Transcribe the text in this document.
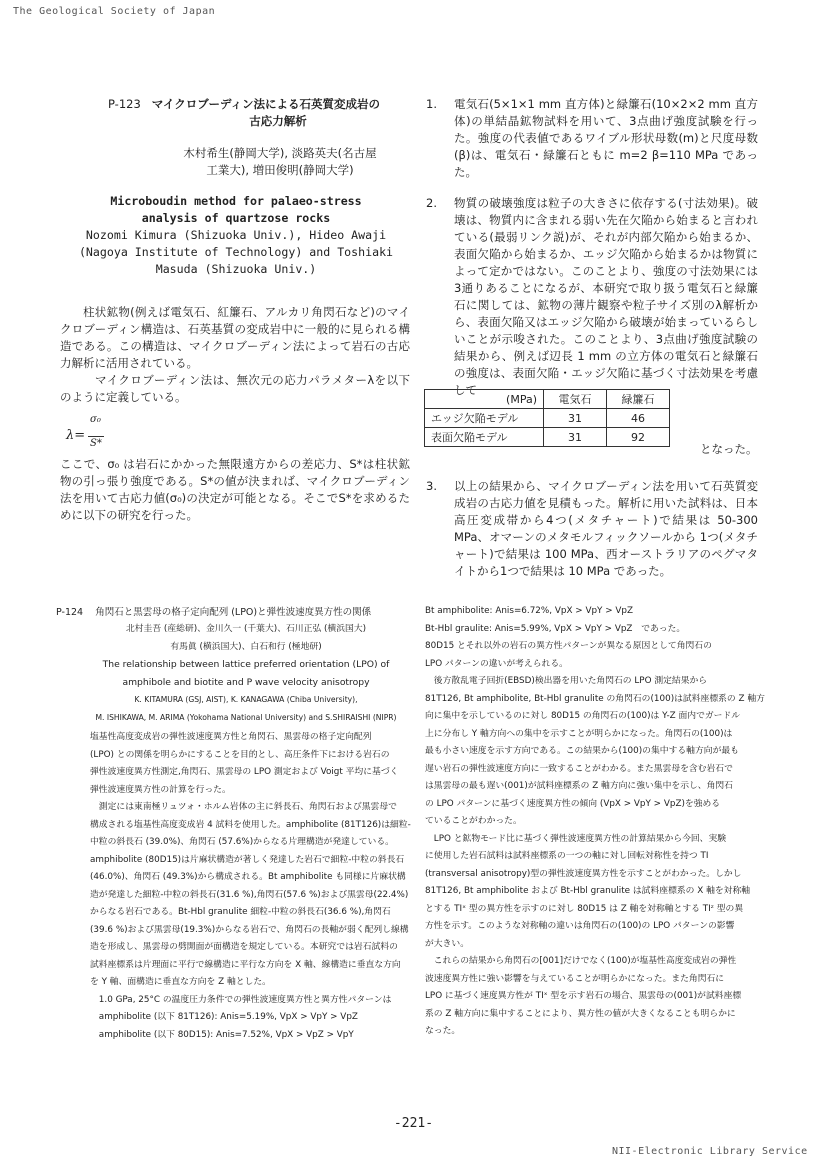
The Geological Society of Japan
-221-
NII-Electronic Library Service
P-123 マイクロブーディン法による石英質変成岩の
古応力解析
木村希生(静岡大学), 淡路英夫(名古屋
工業大), 増田俊明(静岡大学)
Microboudin method for palaeo-stress
analysis of quartzose rocks
Nozomi Kimura (Shizuoka Univ.), Hideo Awaji
(Nagoya Institute of Technology) and Toshiaki
Masuda (Shizuoka Univ.)

柱状鉱物(例えば電気石、紅簾石、アルカリ角閃石など)のマイクロブーディン構造は、石英基質の変成岩中に一般的に見られる構造である。この構造は、マイクロブーディン法によって岩石の古応力解析に活用されている。

マイクロブーディン法は、無次元の応力パラメターλを以下のように定義している。

λ=
σ₀
S*

ここで、σ₀ は岩石にかかった無限遠方からの差応力、S*は柱状鉱物の引っ張り強度である。S*の値が決まれば、マイクロブーディン法を用いて古応力値(σ₀)の決定が可能となる。そこでS*を求めるために以下の研究を行った。

1. 電気石(5×1×1 mm 直方体)と緑簾石(10×2×2 mm 直方体)の単結晶鉱物試料を用いて、3点曲げ強度試験を行った。強度の代表値であるワイブル形状母数(m)と尺度母数(β)は、電気石・緑簾石ともに m=2 β=110 MPa であった。

2. 物質の破壊強度は粒子の大きさに依存する(寸法効果)。破壊は、物質内に含まれる弱い先在欠陥から始まると言われている(最弱リンク説)が、それが内部欠陥から始まるか、表面欠陥から始まるか、エッジ欠陥から始まるかは物質によって定かではない。このことより、強度の寸法効果には3通りあることになるが、本研究で取り扱う電気石と緑簾石に関しては、鉱物の薄片観察や粒子サイズ別のλ解析から、表面欠陥又はエッジ欠陥から破壊が始まっているらしいことが示唆された。このことより、3点曲げ強度試験の結果から、例えば辺長 1 mm の立方体の電気石と緑簾石の強度は、表面欠陥・エッジ欠陥に基づく寸法効果を考慮して

(MPa)	電気石	緑簾石
エッジ欠陥モデル	31	46
表面欠陥モデル	31	92
となった。
3. 以上の結果から、マイクロブーディン法を用いて石英質変成岩の古応力値を見積もった。解析に用いた試料は、日本高圧変成帯から4つ(メタチャート)で結果は 50-300 MPa、オマーンのメタモルフィックソールから 1つ(メタチャート)で結果は 100 MPa、西オーストラリアのペグマタイトから1つで結果は 10 MPa であった。

P-124 角閃石と黒雲母の格子定向配列 (LPO)と弾性波速度異方性の関係
北村圭吾 (産総研)、金川久一 (千葉大)、石川正弘 (横浜国大)
有馬眞 (横浜国大)、白石和行 (極地研)
The relationship between lattice preferred orientation (LPO) of
amphibole and biotite and P wave velocity anisotropy
K. KITAMURA (GSJ, AIST), K. KANAGAWA (Chiba University),
M. ISHIKAWA, M. ARIMA (Yokohama National University) and S.SHIRAISHI (NIPR)
塩基性高度変成岩の弾性波速度異方性と角閃石、黒雲母の格子定向配列
(LPO) との関係を明らかにすることを目的とし、高圧条件下における岩石の
弾性波速度異方性測定,角閃石、黒雲母の LPO 測定および Voigt 平均に基づく
弾性波速度異方性の計算を行った。
　測定には東南極リュツォ・ホルム岩体の主に斜長石、角閃石および黒雲母で
構成される塩基性高度変成岩 4 試料を使用した。amphibolite (81T126)は細粒-
中粒の斜長石 (39.0%)、角閃石 (57.6%)からなる片理構造が発達している。
amphibolite (80D15)は片麻状構造が著しく発達した岩石で細粒-中粒の斜長石
(46.0%)、角閃石 (49.3%)から構成される。Bt amphibolite も同様に片麻状構
造が発達した細粒-中粒の斜長石(31.6 %),角閃石(57.6 %)および黒雲母(22.4%)
からなる岩石である。Bt-Hbl granulite 細粒-中粒の斜長石(36.6 %),角閃石
(39.6 %)および黒雲母(19.3%)からなる岩石で、角閃石の長軸が弱く配列し線構
造を形成し、黒雲母の劈開面が面構造を規定している。本研究では岩石試料の
試料座標系は片理面に平行で線構造に平行な方向を X 軸、線構造に垂直な方向
を Y 軸、面構造に垂直な方向を Z 軸とした。
　1.0 GPa, 25°C の温度圧力条件での弾性波速度異方性と異方性パターンは
　amphibolite (以下 81T126): Anis=5.19%, VpX > VpY > VpZ
　amphibolite (以下 80D15): Anis=7.52%, VpX > VpZ > VpY
Bt amphibolite: Anis=6.72%, VpX > VpY > VpZ
Bt-Hbl graulite: Anis=5.99%, VpX > VpY > VpZ　であった。
80D15 とそれ以外の岩石の異方性パターンが異なる原因として角閃石の
LPO パターンの違いが考えられる。
　後方散乱電子回折(EBSD)検出器を用いた角閃石の LPO 測定結果から
81T126, Bt amphibolite, Bt-Hbl granulite の角閃石の(100)は試料座標系の Z 軸方
向に集中を示しているのに対し 80D15 の角閃石の(100)は Y-Z 面内でガードル
上に分布し Y 軸方向への集中を示すことが明らかになった。角閃石の(100)は
最も小さい速度を示す方向である。この結果から(100)の集中する軸方向が最も
遅い岩石の弾性波速度方向に一致することがわかる。また黒雲母を含む岩石で
は黒雲母の最も遅い(001)が試料座標系の Z 軸方向に強い集中を示し、角閃石
の LPO パターンに基づく速度異方性の傾向 (VpX > VpY > VpZ)を強める
ていることがわかった。
　LPO と鉱物モード比に基づく弾性波速度異方性の計算結果から今回、実験
に使用した岩石試料は試料座標系の一つの軸に対し回転対称性を持つ TI
(transversal anisotropy)型の弾性波速度異方性を示すことがわかった。しかし
81T126, Bt amphibolite および Bt-Hbl granulite は試料座標系の X 軸を対称軸
とする TIˣ 型の異方性を示すのに対し 80D15 は Z 軸を対称軸とする TIᶻ 型の異
方性を示す。このような対称軸の違いは角閃石の(100)の LPO パターンの影響
が大きい。
　これらの結果から角閃石の[001]だけでなく(100)が塩基性高度変成岩の弾性
波速度異方性に強い影響を与えていることが明らかになった。また角閃石に
LPO に基づく速度異方性が TIˣ 型を示す岩石の場合、黒雲母の(001)が試料座標
系の Z 軸方向に集中することにより、異方性の値が大きくなることも明らかに
なった。
